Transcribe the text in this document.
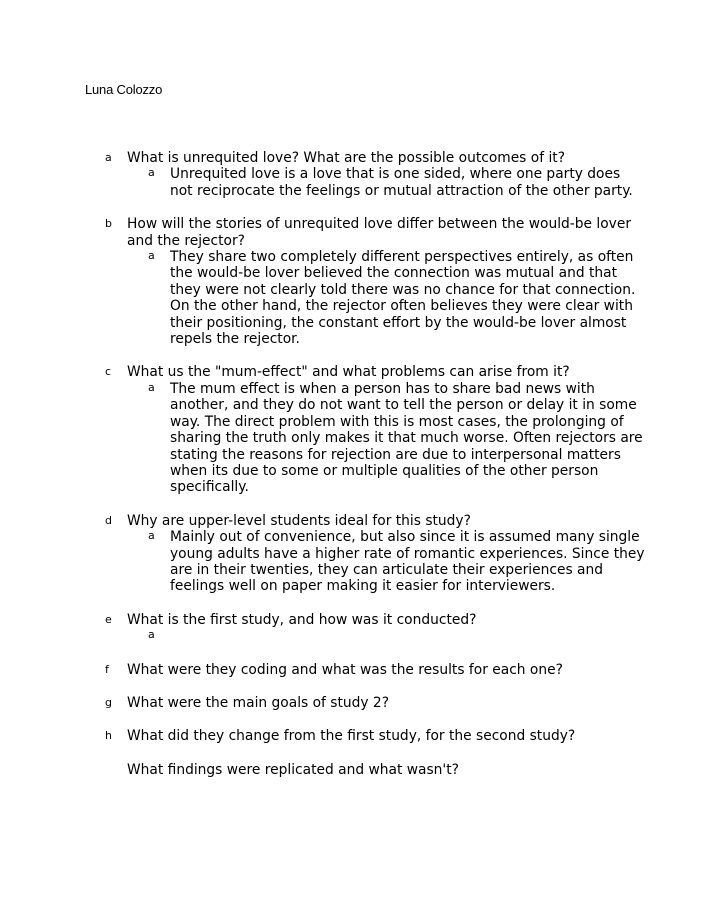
Luna Colozzo
a What is unrequited love? What are the possible outcomes of it?
a Unrequited love is a love that is one sided, where one party does not reciprocate the feelings or mutual attraction of the other party.
b How will the stories of unrequited love differ between the would-be lover and the rejector?
a They share two completely different perspectives entirely, as often the would-be lover believed the connection was mutual and that they were not clearly told there was no chance for that connection. On the other hand, the rejector often believes they were clear with their positioning, the constant effort by the would-be lover almost repels the rejector.
c What us the "mum-effect" and what problems can arise from it?
a The mum effect is when a person has to share bad news with another, and they do not want to tell the person or delay it in some way. The direct problem with this is most cases, the prolonging of sharing the truth only makes it that much worse. Often rejectors are stating the reasons for rejection are due to interpersonal matters when its due to some or multiple qualities of the other person specifically.
d Why are upper-level students ideal for this study?
a Mainly out of convenience, but also since it is assumed many single young adults have a higher rate of romantic experiences. Since they are in their twenties, they can articulate their experiences and feelings well on paper making it easier for interviewers.
e What is the first study, and how was it conducted?
a
f What were they coding and what was the results for each one?
g What were the main goals of study 2?
h What did they change from the first study, for the second study?
What findings were replicated and what wasn't?
